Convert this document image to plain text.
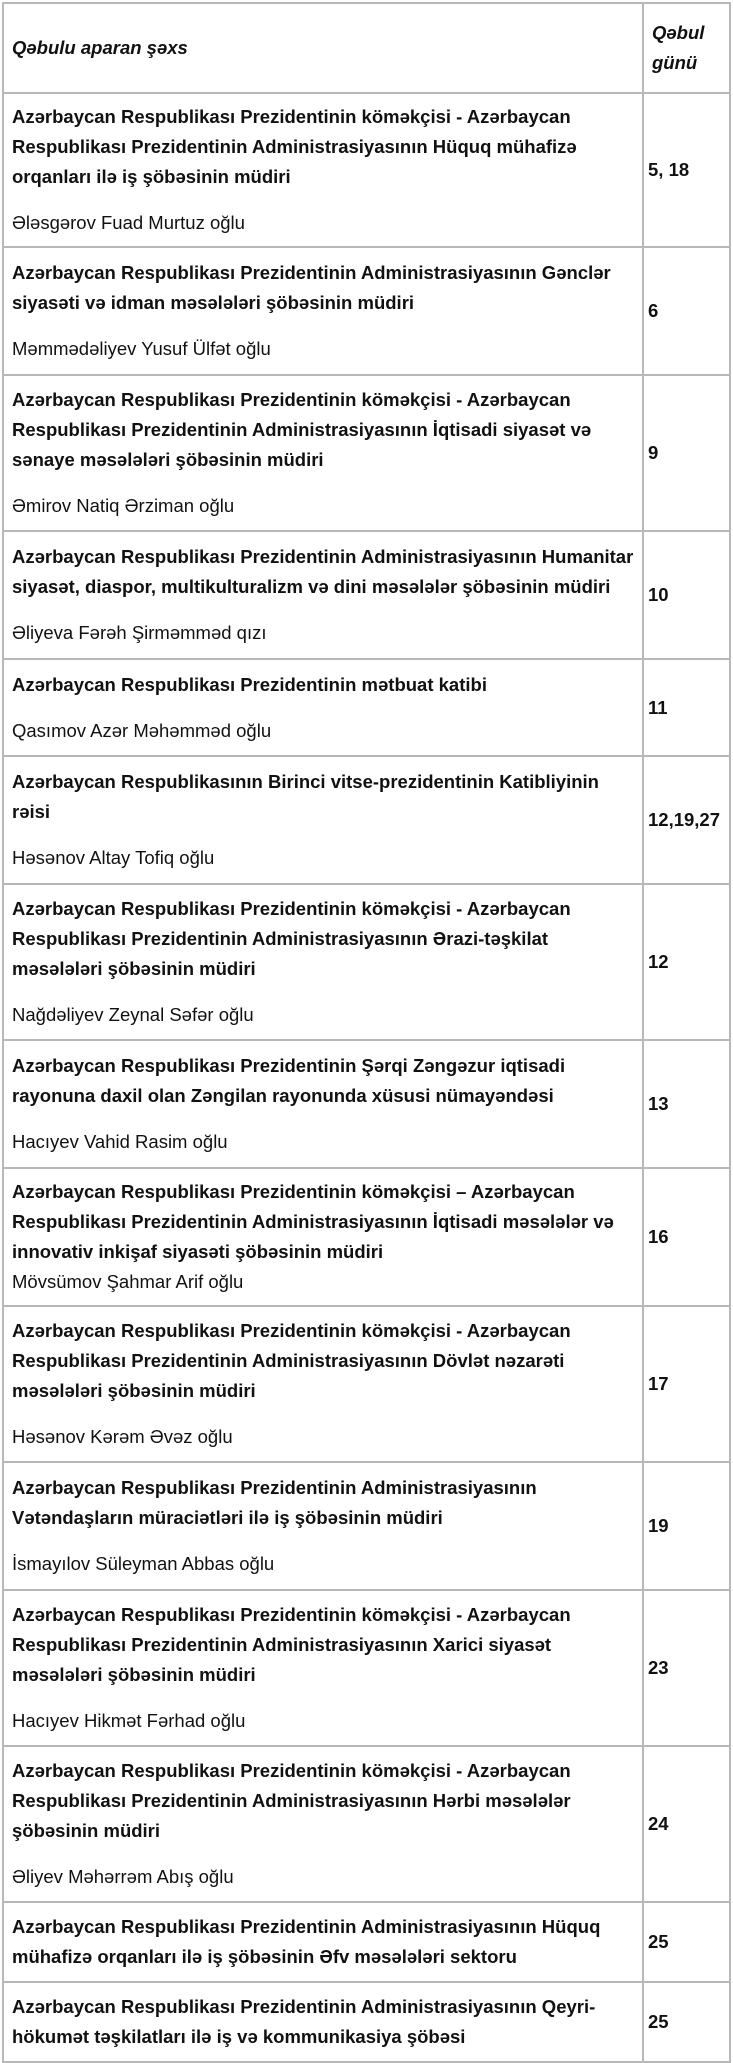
Qəbulu aparan şəxs	Qəbul günü

Azərbaycan Respublikası Prezidentinin köməkçisi - Azərbaycan Respublikası Prezidentinin Administrasiyasının Hüquq mühafizə orqanları ilə iş şöbəsinin müdiri
Ələsgərov Fuad Murtuz oğlu	5, 18

Azərbaycan Respublikası Prezidentinin Administrasiyasının Gənclər siyasəti və idman məsələləri şöbəsinin müdiri
Məmmədəliyev Yusuf Ülfət oğlu	6

Azərbaycan Respublikası Prezidentinin köməkçisi - Azərbaycan Respublikası Prezidentinin Administrasiyasının İqtisadi siyasət və sənaye məsələləri şöbəsinin müdiri
Əmirov Natiq Ərziman oğlu	9

Azərbaycan Respublikası Prezidentinin Administrasiyasının Humanitar siyasət, diaspor, multikulturalizm və dini məsələlər şöbəsinin müdiri
Əliyeva Fərəh Şirməmməd qızı	10

Azərbaycan Respublikası Prezidentinin mətbuat katibi
Qasımov Azər Məhəmməd oğlu	11

Azərbaycan Respublikasının Birinci vitse-prezidentinin Katibliyinin rəisi
Həsənov Altay Tofiq oğlu	12,19,27

Azərbaycan Respublikası Prezidentinin köməkçisi - Azərbaycan Respublikası Prezidentinin Administrasiyasının Ərazi-təşkilat məsələləri şöbəsinin müdiri
Nağdəliyev Zeynal Səfər oğlu	12

Azərbaycan Respublikası Prezidentinin Şərqi Zəngəzur iqtisadi rayonuna daxil olan Zəngilan rayonunda xüsusi nümayəndəsi
Hacıyev Vahid Rasim oğlu	13

Azərbaycan Respublikası Prezidentinin köməkçisi – Azərbaycan Respublikası Prezidentinin Administrasiyasının İqtisadi məsələlər və innovativ inkişaf siyasəti şöbəsinin müdiri
Mövsümov Şahmar Arif oğlu	16

Azərbaycan Respublikası Prezidentinin köməkçisi - Azərbaycan Respublikası Prezidentinin Administrasiyasının Dövlət nəzarəti məsələləri şöbəsinin müdiri
Həsənov Kərəm Əvəz oğlu	17

Azərbaycan Respublikası Prezidentinin Administrasiyasının Vətəndaşların müraciətləri ilə iş şöbəsinin müdiri
İsmayılov Süleyman Abbas oğlu	19

Azərbaycan Respublikası Prezidentinin köməkçisi - Azərbaycan Respublikası Prezidentinin Administrasiyasının Xarici siyasət məsələləri şöbəsinin müdiri
Hacıyev Hikmət Fərhad oğlu	23

Azərbaycan Respublikası Prezidentinin köməkçisi - Azərbaycan Respublikası Prezidentinin Administrasiyasının Hərbi məsələlər şöbəsinin müdiri
Əliyev Məhərrəm Abış oğlu	24

Azərbaycan Respublikası Prezidentinin Administrasiyasının Hüquq mühafizə orqanları ilə iş şöbəsinin Əfv məsələləri sektoru	25

Azərbaycan Respublikası Prezidentinin Administrasiyasının Qeyri-hökumət təşkilatları ilə iş və kommunikasiya şöbəsi	25
